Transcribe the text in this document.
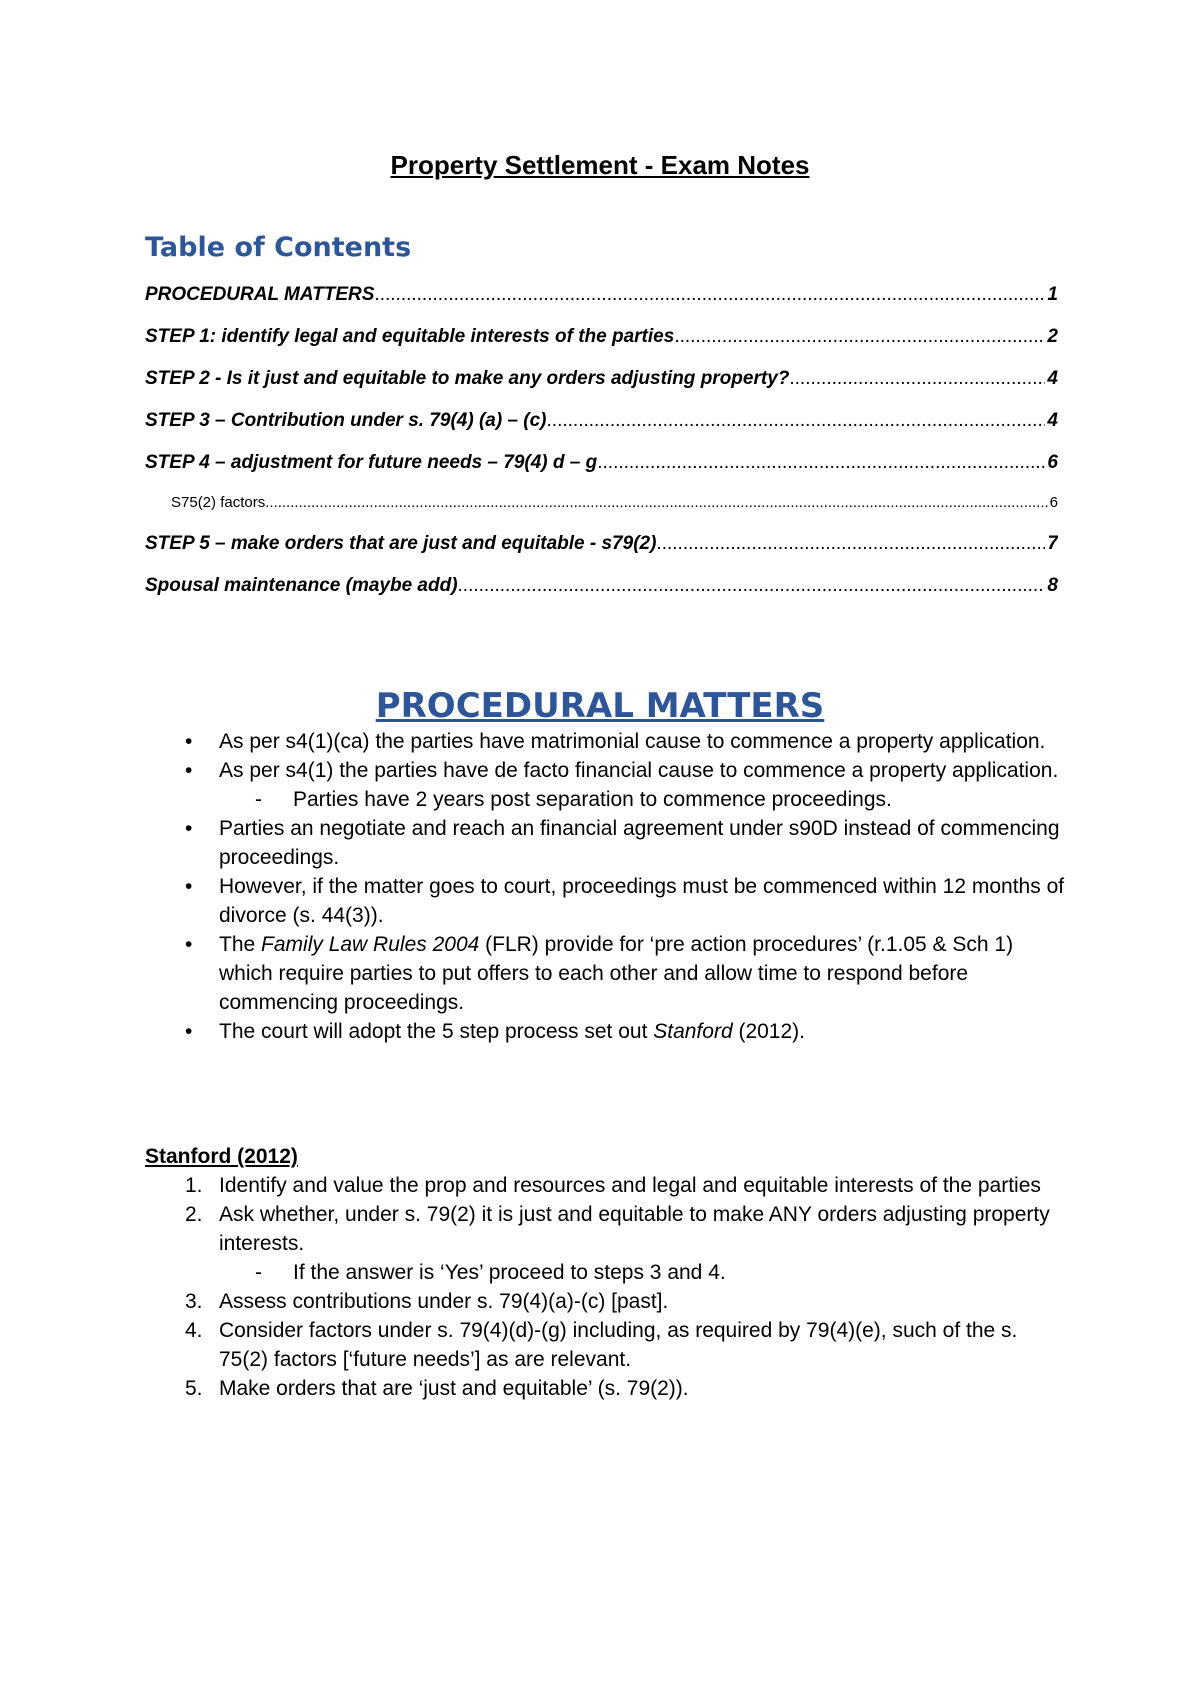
Property Settlement - Exam Notes
Table of Contents
PROCEDURAL MATTERS .....	1
STEP 1: identify legal and equitable interests of the parties .....	2
STEP 2 - Is it just and equitable to make any orders adjusting property? .....	4
STEP 3 – Contribution under s. 79(4) (a) – (c) .....	4
STEP 4 – adjustment for future needs – 79(4) d – g .....	6
S75(2) factors .....	6
STEP 5 – make orders that are just and equitable - s79(2) .....	7
Spousal maintenance (maybe add) .....	8
PROCEDURAL MATTERS
• As per s4(1)(ca) the parties have matrimonial cause to commence a property application.
• As per s4(1) the parties have de facto financial cause to commence a property application.
- Parties have 2 years post separation to commence proceedings.
• Parties an negotiate and reach an financial agreement under s90D instead of commencing proceedings.
• However, if the matter goes to court, proceedings must be commenced within 12 months of divorce (s. 44(3)).
• The Family Law Rules 2004 (FLR) provide for ‘pre action procedures’ (r.1.05 & Sch 1) which require parties to put offers to each other and allow time to respond before commencing proceedings.
• The court will adopt the 5 step process set out Stanford (2012).
Stanford (2012)
1. Identify and value the prop and resources and legal and equitable interests of the parties
2. Ask whether, under s. 79(2) it is just and equitable to make ANY orders adjusting property interests.
- If the answer is ‘Yes’ proceed to steps 3 and 4.
3. Assess contributions under s. 79(4)(a)-(c) [past].
4. Consider factors under s. 79(4)(d)-(g) including, as required by 79(4)(e), such of the s. 75(2) factors [‘future needs’] as are relevant.
5. Make orders that are ‘just and equitable’ (s. 79(2)).
